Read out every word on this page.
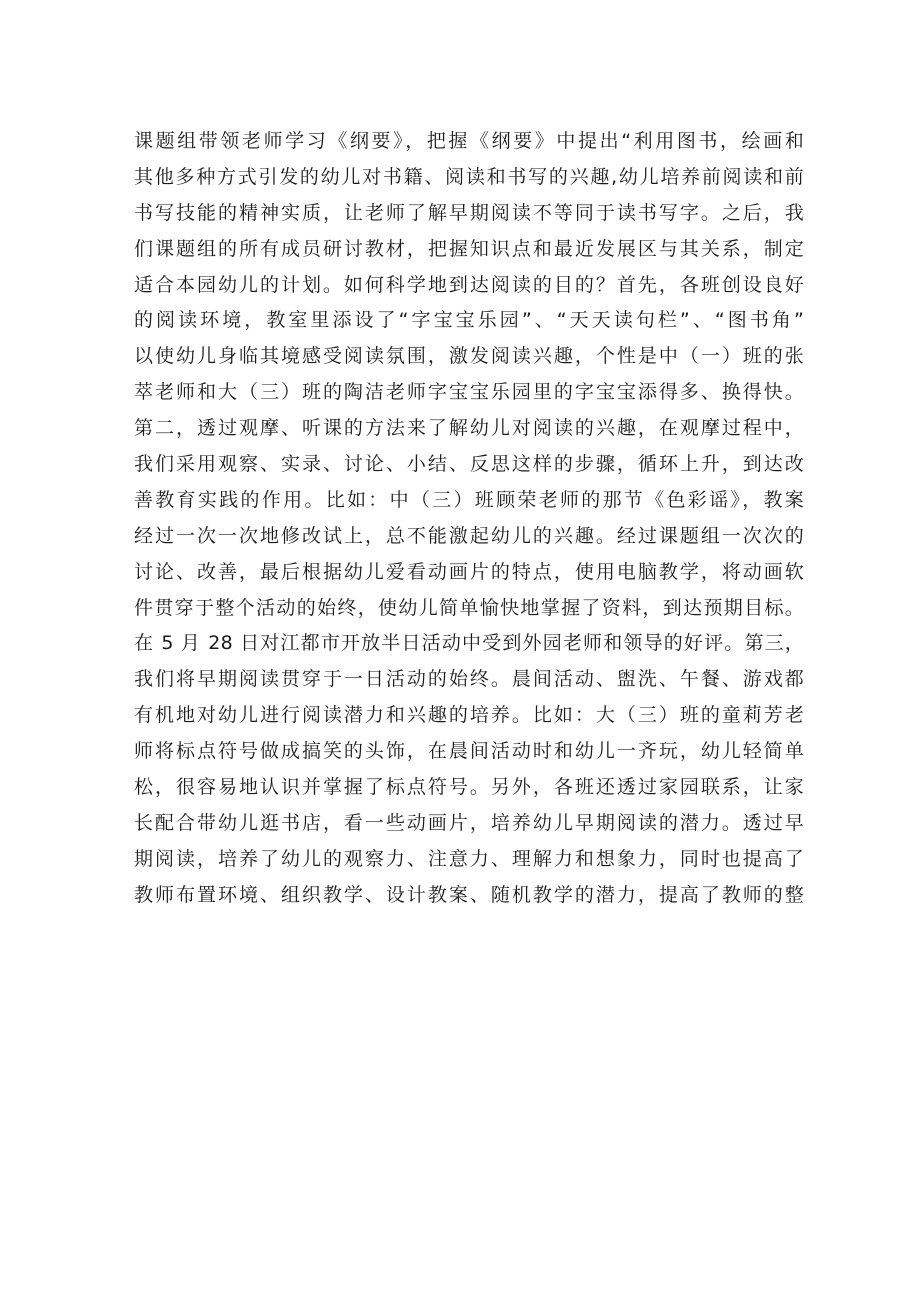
课题组带领老师学习《纲要》，把握《纲要》中提出“利用图书，绘画和
其他多种方式引发的幼儿对书籍、阅读和书写的兴趣,幼儿培养前阅读和前
书写技能的精神实质，让老师了解早期阅读不等同于读书写字。之后，我
们课题组的所有成员研讨教材，把握知识点和最近发展区与其关系，制定
适合本园幼儿的计划。如何科学地到达阅读的目的？首先，各班创设良好
的阅读环境，教室里添设了“字宝宝乐园”、“天天读句栏”、“图书角”
以使幼儿身临其境感受阅读氛围，激发阅读兴趣，个性是中（一）班的张
萃老师和大（三）班的陶洁老师字宝宝乐园里的字宝宝添得多、换得快。
第二，透过观摩、听课的方法来了解幼儿对阅读的兴趣，在观摩过程中，
我们采用观察、实录、讨论、小结、反思这样的步骤，循环上升，到达改
善教育实践的作用。比如：中（三）班顾荣老师的那节《色彩谣》，教案
经过一次一次地修改试上，总不能激起幼儿的兴趣。经过课题组一次次的
讨论、改善，最后根据幼儿爱看动画片的特点，使用电脑教学，将动画软
件贯穿于整个活动的始终，使幼儿简单愉快地掌握了资料，到达预期目标。
在 5 月 28 日对江都市开放半日活动中受到外园老师和领导的好评。第三，
我们将早期阅读贯穿于一日活动的始终。晨间活动、盥洗、午餐、游戏都
有机地对幼儿进行阅读潜力和兴趣的培养。比如：大（三）班的童莉芳老
师将标点符号做成搞笑的头饰，在晨间活动时和幼儿一齐玩，幼儿轻简单
松，很容易地认识并掌握了标点符号。另外，各班还透过家园联系，让家
长配合带幼儿逛书店，看一些动画片，培养幼儿早期阅读的潜力。透过早
期阅读，培养了幼儿的观察力、注意力、理解力和想象力，同时也提高了
教师布置环境、组织教学、设计教案、随机教学的潜力，提高了教师的整
